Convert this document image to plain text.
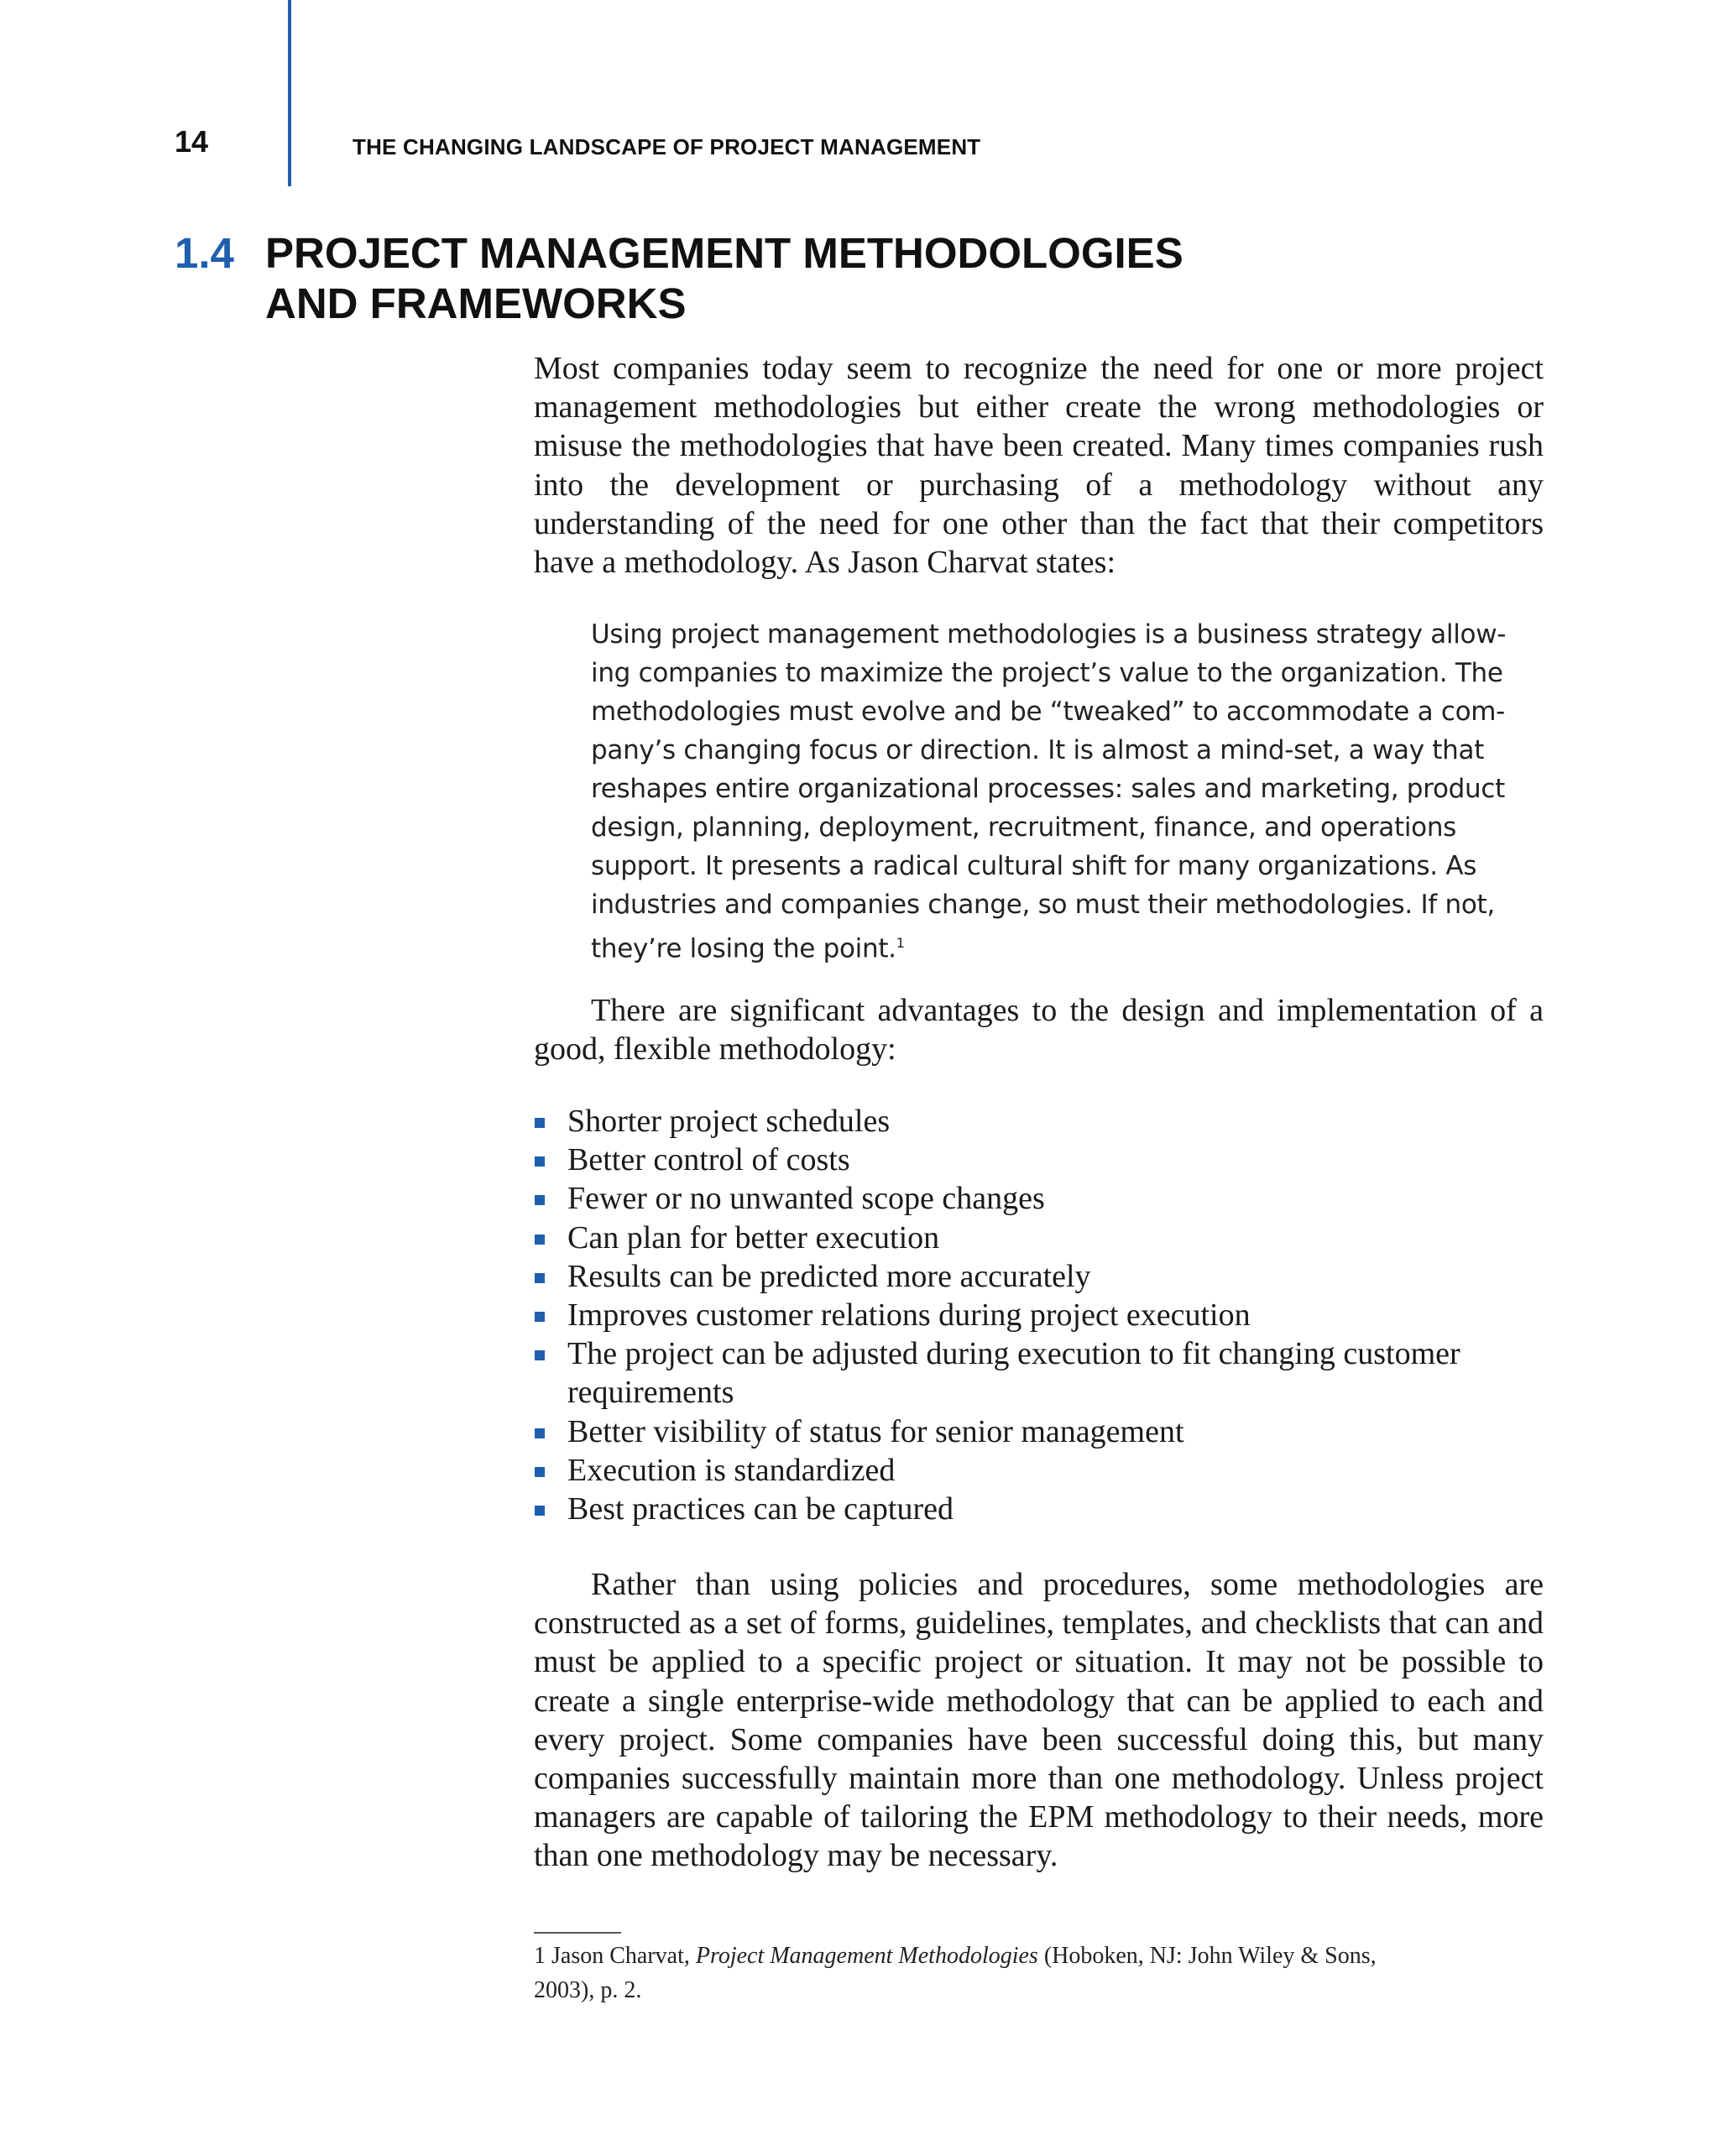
14	THE CHANGING LANDSCAPE OF PROJECT MANAGEMENT
1.4 PROJECT MANAGEMENT METHODOLOGIES
AND FRAMEWORKS

Most companies today seem to recognize the need for one or more project management methodologies but either create the wrong methodologies or misuse the methodologies that have been created. Many times companies rush into the development or purchasing of a methodology without any understanding of the need for one other than the fact that their competitors have a methodology. As Jason Charvat states:

Using project management methodologies is a business strategy allow-
ing companies to maximize the project’s value to the organization. The
methodologies must evolve and be “tweaked” to accommodate a com-
pany’s changing focus or direction. It is almost a mind-set, a way that
reshapes entire organizational processes: sales and marketing, product
design, planning, deployment, recruitment, finance, and operations
support. It presents a radical cultural shift for many organizations. As
industries and companies change, so must their methodologies. If not,
they’re losing the point.$^1$

There are significant advantages to the design and implementation of a good, flexible methodology:

Shorter project schedules
Better control of costs
Fewer or no unwanted scope changes
Can plan for better execution
Results can be predicted more accurately
Improves customer relations during project execution
The project can be adjusted during execution to fit changing customer requirements
Better visibility of status for senior management
Execution is standardized
Best practices can be captured

Rather than using policies and procedures, some methodologies are constructed as a set of forms, guidelines, templates, and checklists that can and must be applied to a specific project or situation. It may not be possible to create a single enterprise-wide methodology that can be applied to each and every project. Some companies have been successful doing this, but many companies successfully maintain more than one methodology. Unless project managers are capable of tailoring the EPM methodology to their needs, more than one methodology may be necessary.

1 Jason Charvat, Project Management Methodologies (Hoboken, NJ: John Wiley & Sons,
2003), p. 2.
